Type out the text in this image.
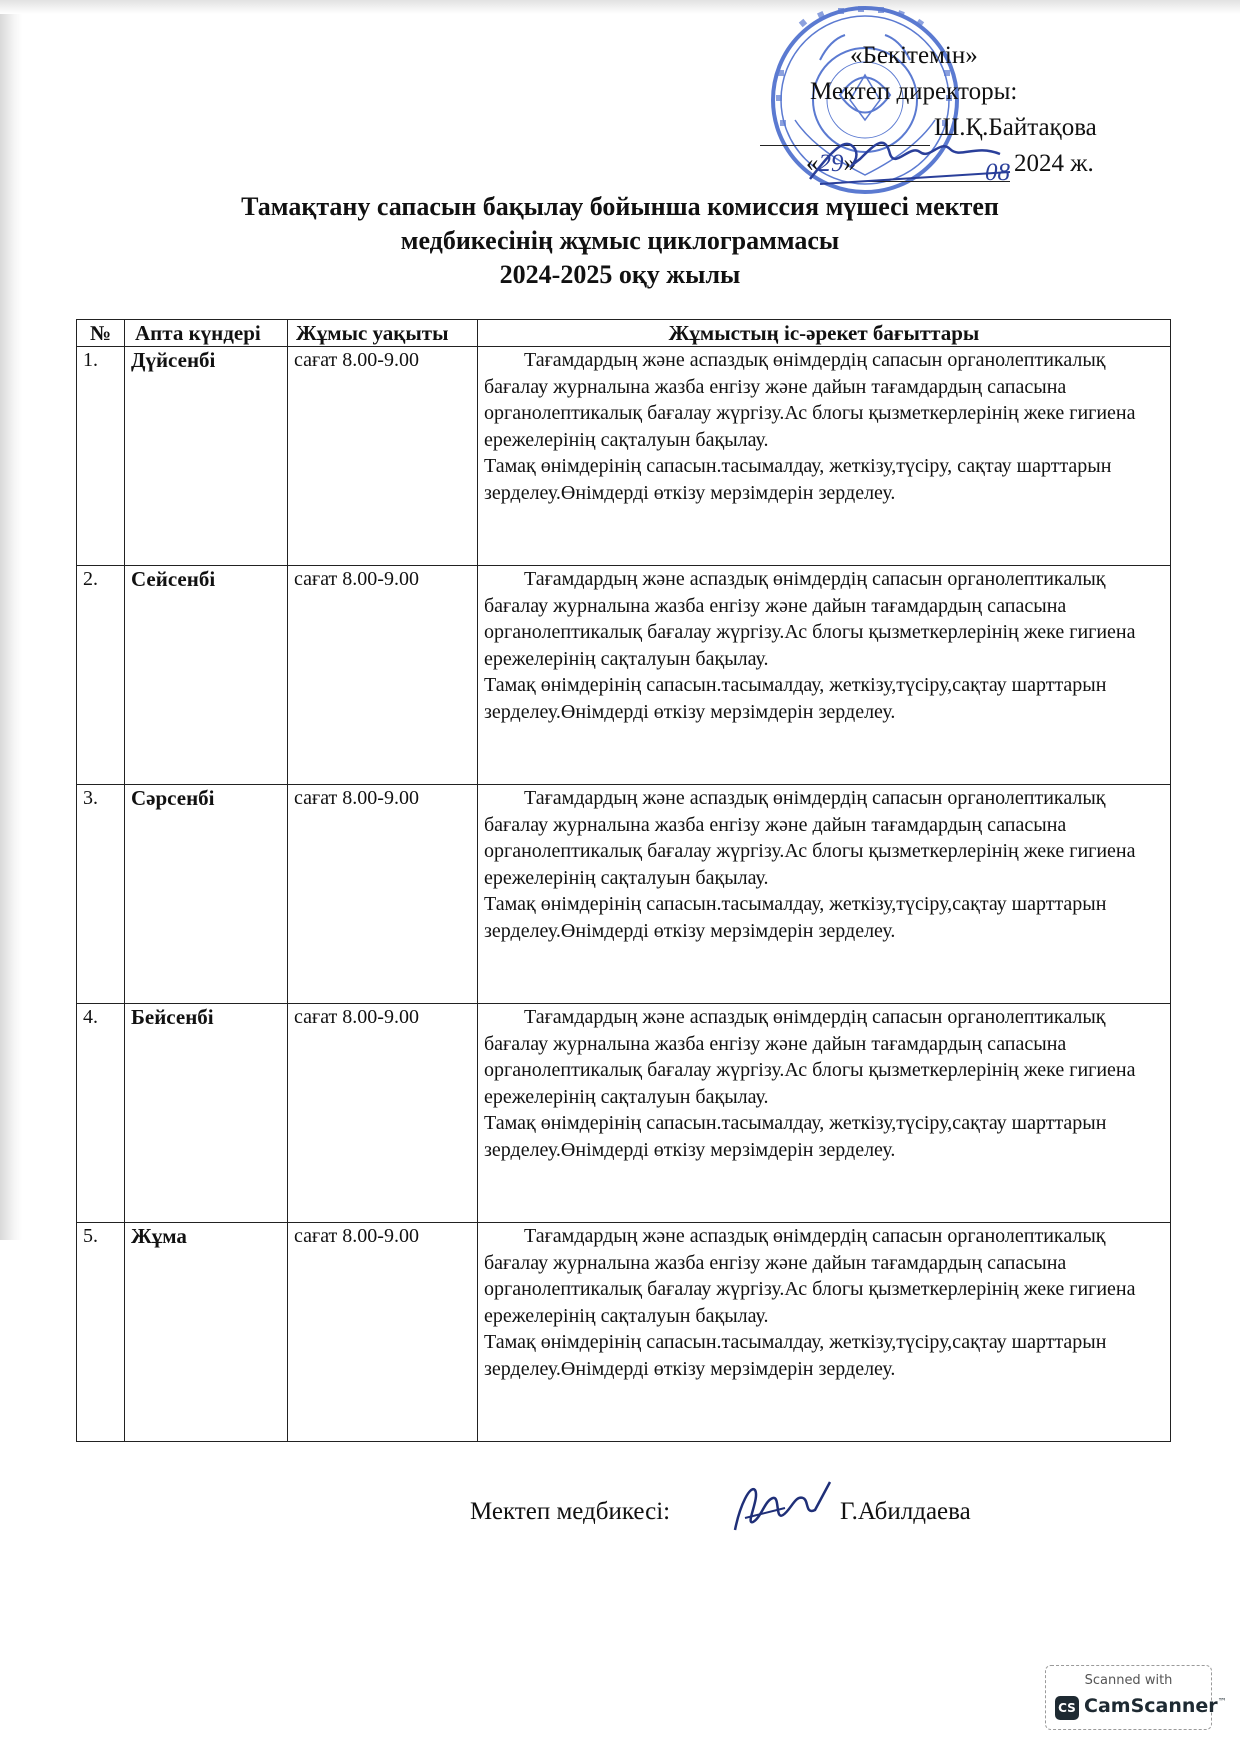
«Бекітемін»
Мектеп директоры:
Ш.Қ.Байтақова
«29»	08 2024 ж.
Тамақтану сапасын бақылау бойынша комиссия мүшесі мектеп
медбикесінің жұмыс циклограммасы
2024-2025 оқу жылы
№	Апта күндері	Жұмыс уақыты	Жұмыстың іс-әрекет бағыттары
1.	Дүйсенбі	сағат 8.00-9.00	Тағамдардың және аспаздық өнімдердің сапасын органолептикалық бағалау журналына жазба енгізу және дайын тағамдардың сапасына органолептикалық бағалау жүргізу.Ас блогы қызметкерлерінің жеке гигиена ережелерінің сақталуын бақылау.

Тамақ өнімдерінің сапасын.тасымалдау, жеткізу,түсіру, сақтау шарттарын зерделеу.Өнімдерді өткізу мерзімдерін зерделеу.

2.	Сейсенбі	сағат 8.00-9.00	Тағамдардың және аспаздық өнімдердің сапасын органолептикалық бағалау журналына жазба енгізу және дайын тағамдардың сапасына органолептикалық бағалау жүргізу.Ас блогы қызметкерлерінің жеке гигиена ережелерінің сақталуын бақылау.

Тамақ өнімдерінің сапасын.тасымалдау, жеткізу,түсіру,сақтау шарттарын зерделеу.Өнімдерді өткізу мерзімдерін зерделеу.

3.	Сәрсенбі	сағат 8.00-9.00	Тағамдардың және аспаздық өнімдердің сапасын органолептикалық бағалау журналына жазба енгізу және дайын тағамдардың сапасына органолептикалық бағалау жүргізу.Ас блогы қызметкерлерінің жеке гигиена ережелерінің сақталуын бақылау.

Тамақ өнімдерінің сапасын.тасымалдау, жеткізу,түсіру,сақтау шарттарын зерделеу.Өнімдерді өткізу мерзімдерін зерделеу.

4.	Бейсенбі	сағат 8.00-9.00	Тағамдардың және аспаздық өнімдердің сапасын органолептикалық бағалау журналына жазба енгізу және дайын тағамдардың сапасына органолептикалық бағалау жүргізу.Ас блогы қызметкерлерінің жеке гигиена ережелерінің сақталуын бақылау.

Тамақ өнімдерінің сапасын.тасымалдау, жеткізу,түсіру,сақтау шарттарын зерделеу.Өнімдерді өткізу мерзімдерін зерделеу.

5.	Жұма	сағат 8.00-9.00	Тағамдардың және аспаздық өнімдердің сапасын органолептикалық бағалау журналына жазба енгізу және дайын тағамдардың сапасына органолептикалық бағалау жүргізу.Ас блогы қызметкерлерінің жеке гигиена ережелерінің сақталуын бақылау.

Тамақ өнімдерінің сапасын.тасымалдау, жеткізу,түсіру,сақтау шарттарын зерделеу.Өнімдерді өткізу мерзімдерін зерделеу.

Мектеп медбикесі:	Г.Абилдаева
Scanned with
CS CamScanner™
